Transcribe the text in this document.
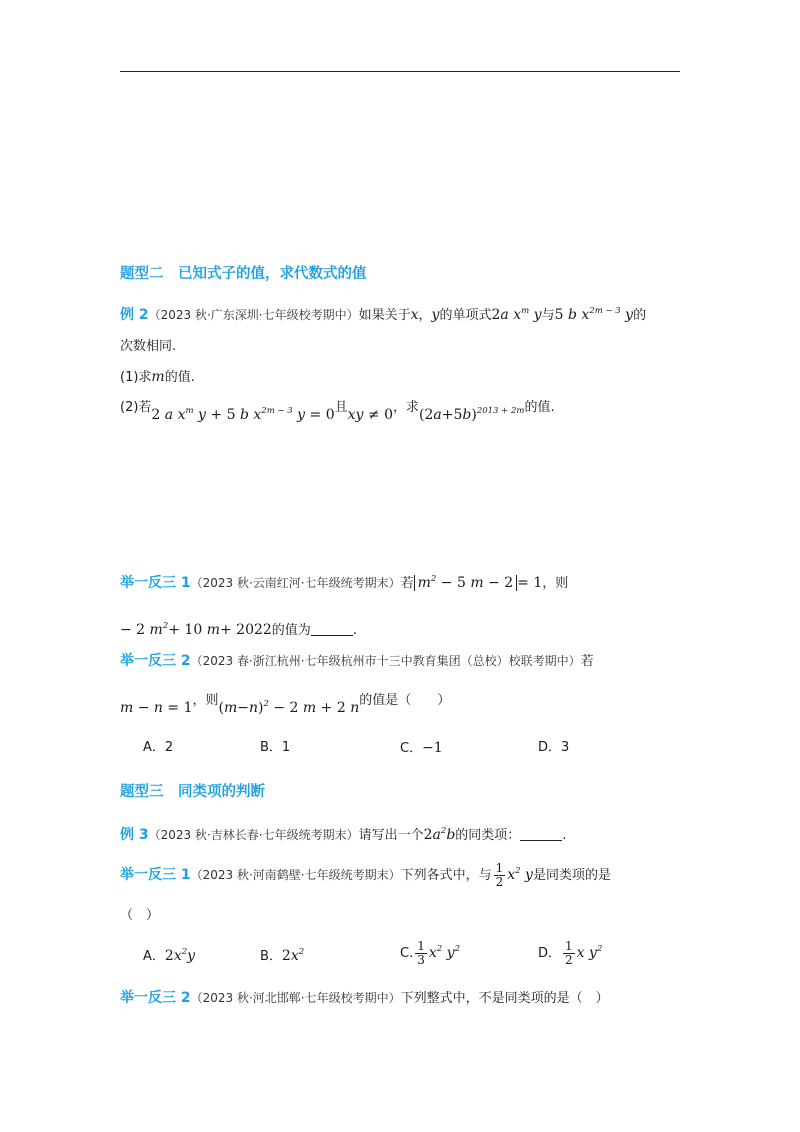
题型二　已知式子的值，求代数式的值
例 2（2023 秋·广东深圳·七年级校考期中）如果关于x，y的单项式2a $x^m$ y与5 b $x^{2m - 3}$ y的
次数相同.
(1)求m的值.
(2)若2 a $x^m$ y + 5 b $x^{2m - 3}$ y = 0且xy ≠ 0，求$(2a+5b)^{2013 + 2m}$的值.
举一反三 1（2023 秋·云南红河·七年级统考期末）若 $m^2 - 5$ m − 2 = 1，则
− 2 $m^2+ 10$ m+ 2022的值为	.
举一反三 2（2023 春·浙江杭州·七年级杭州市十三中教育集团（总校）校联考期中）若
m − n = 1，则$(m-n)^2 - 2$ m + 2 n的值是（　　）
A．2	B．1	C．−1	D．3
题型三　同类项的判断
例 3（2023 秋·吉林长春·七年级统考期末）请写出一个$2a^2b$的同类项：	.
举一反三 1（2023 秋·河南鹤壁·七年级统考期末）下列各式中，与 $\frac{1}{2} x^2$ y是同类项的是
（　）
A．$2x^2y$	B．$2x^2$	C. $\frac{1}{3} x^2$ $y^2$	D． $\frac{1}{2}$ x $y^2$
举一反三 2（2023 秋·河北邯郸·七年级校考期中）下列整式中，不是同类项的是（　）
